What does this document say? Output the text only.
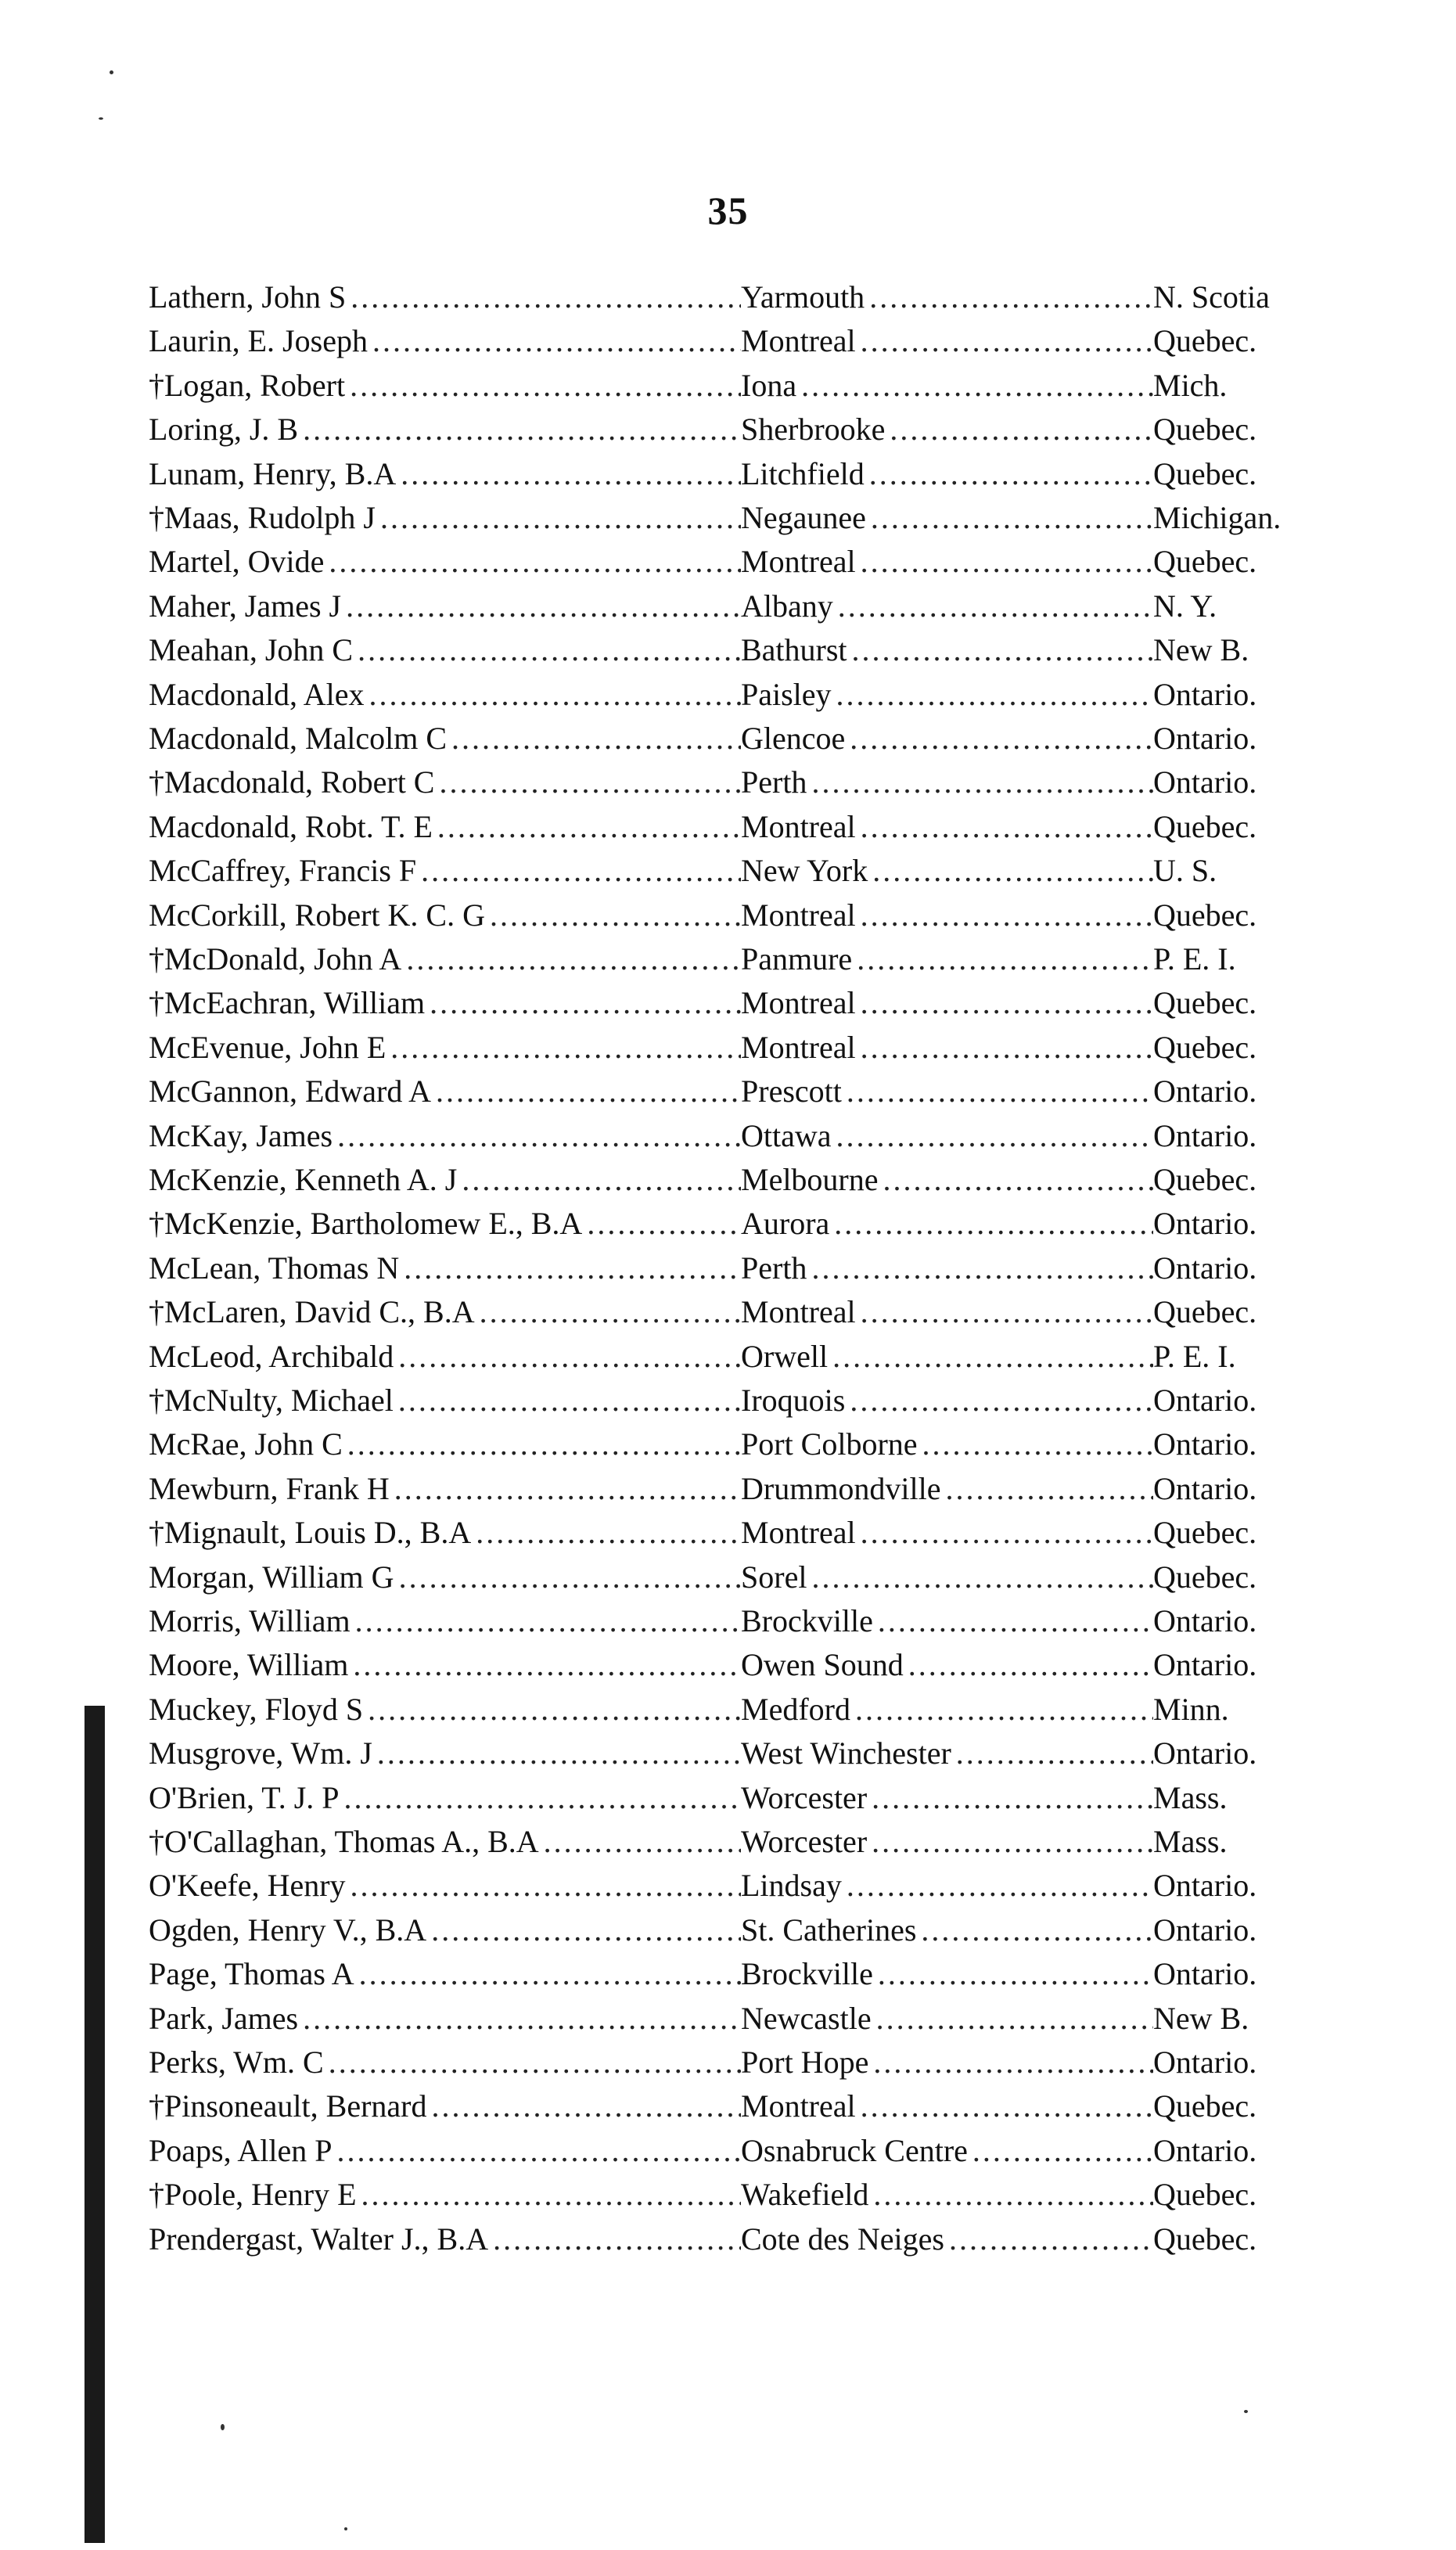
35
Lathern, John S .....	Yarmouth .....	N. Scotia
Laurin, E. Joseph .....	Montreal .....	Quebec.
†Logan, Robert .....	Iona .....	Mich.
Loring, J. B .....	Sherbrooke .....	Quebec.
Lunam, Henry, B.A .....	Litchfield .....	Quebec.
†Maas, Rudolph J .....	Negaunee .....	Michigan.
Martel, Ovide .....	Montreal .....	Quebec.
Maher, James J .....	Albany .....	N. Y.
Meahan, John C .....	Bathurst .....	New B.
Macdonald, Alex .....	Paisley .....	Ontario.
Macdonald, Malcolm C .....	Glencoe .....	Ontario.
†Macdonald, Robert C .....	Perth .....	Ontario.
Macdonald, Robt. T. E .....	Montreal .....	Quebec.
McCaffrey, Francis F .....	New York .....	U. S.
McCorkill, Robert K. C. G .....	Montreal .....	Quebec.
†McDonald, John A .....	Panmure .....	P. E. I.
†McEachran, William .....	Montreal .....	Quebec.
McEvenue, John E .....	Montreal .....	Quebec.
McGannon, Edward A .....	Prescott .....	Ontario.
McKay, James .....	Ottawa .....	Ontario.
McKenzie, Kenneth A. J .....	Melbourne .....	Quebec.
†McKenzie, Bartholomew E., B.A .....	Aurora .....	Ontario.
McLean, Thomas N .....	Perth .....	Ontario.
†McLaren, David C., B.A .....	Montreal .....	Quebec.
McLeod, Archibald .....	Orwell .....	P. E. I.
†McNulty, Michael .....	Iroquois .....	Ontario.
McRae, John C .....	Port Colborne .....	Ontario.
Mewburn, Frank H .....	Drummondville .....	Ontario.
†Mignault, Louis D., B.A .....	Montreal .....	Quebec.
Morgan, William G .....	Sorel .....	Quebec.
Morris, William .....	Brockville .....	Ontario.
Moore, William .....	Owen Sound .....	Ontario.
Muckey, Floyd S .....	Medford .....	Minn.
Musgrove, Wm. J .....	West Winchester .....	Ontario.
O'Brien, T. J. P .....	Worcester .....	Mass.
†O'Callaghan, Thomas A., B.A .....	Worcester .....	Mass.
O'Keefe, Henry .....	Lindsay .....	Ontario.
Ogden, Henry V., B.A .....	St. Catherines .....	Ontario.
Page, Thomas A .....	Brockville .....	Ontario.
Park, James .....	Newcastle .....	New B.
Perks, Wm. C .....	Port Hope .....	Ontario.
†Pinsoneault, Bernard .....	Montreal .....	Quebec.
Poaps, Allen P .....	Osnabruck Centre .....	Ontario.
†Poole, Henry E .....	Wakefield .....	Quebec.
Prendergast, Walter J., B.A .....	Cote des Neiges .....	Quebec.
